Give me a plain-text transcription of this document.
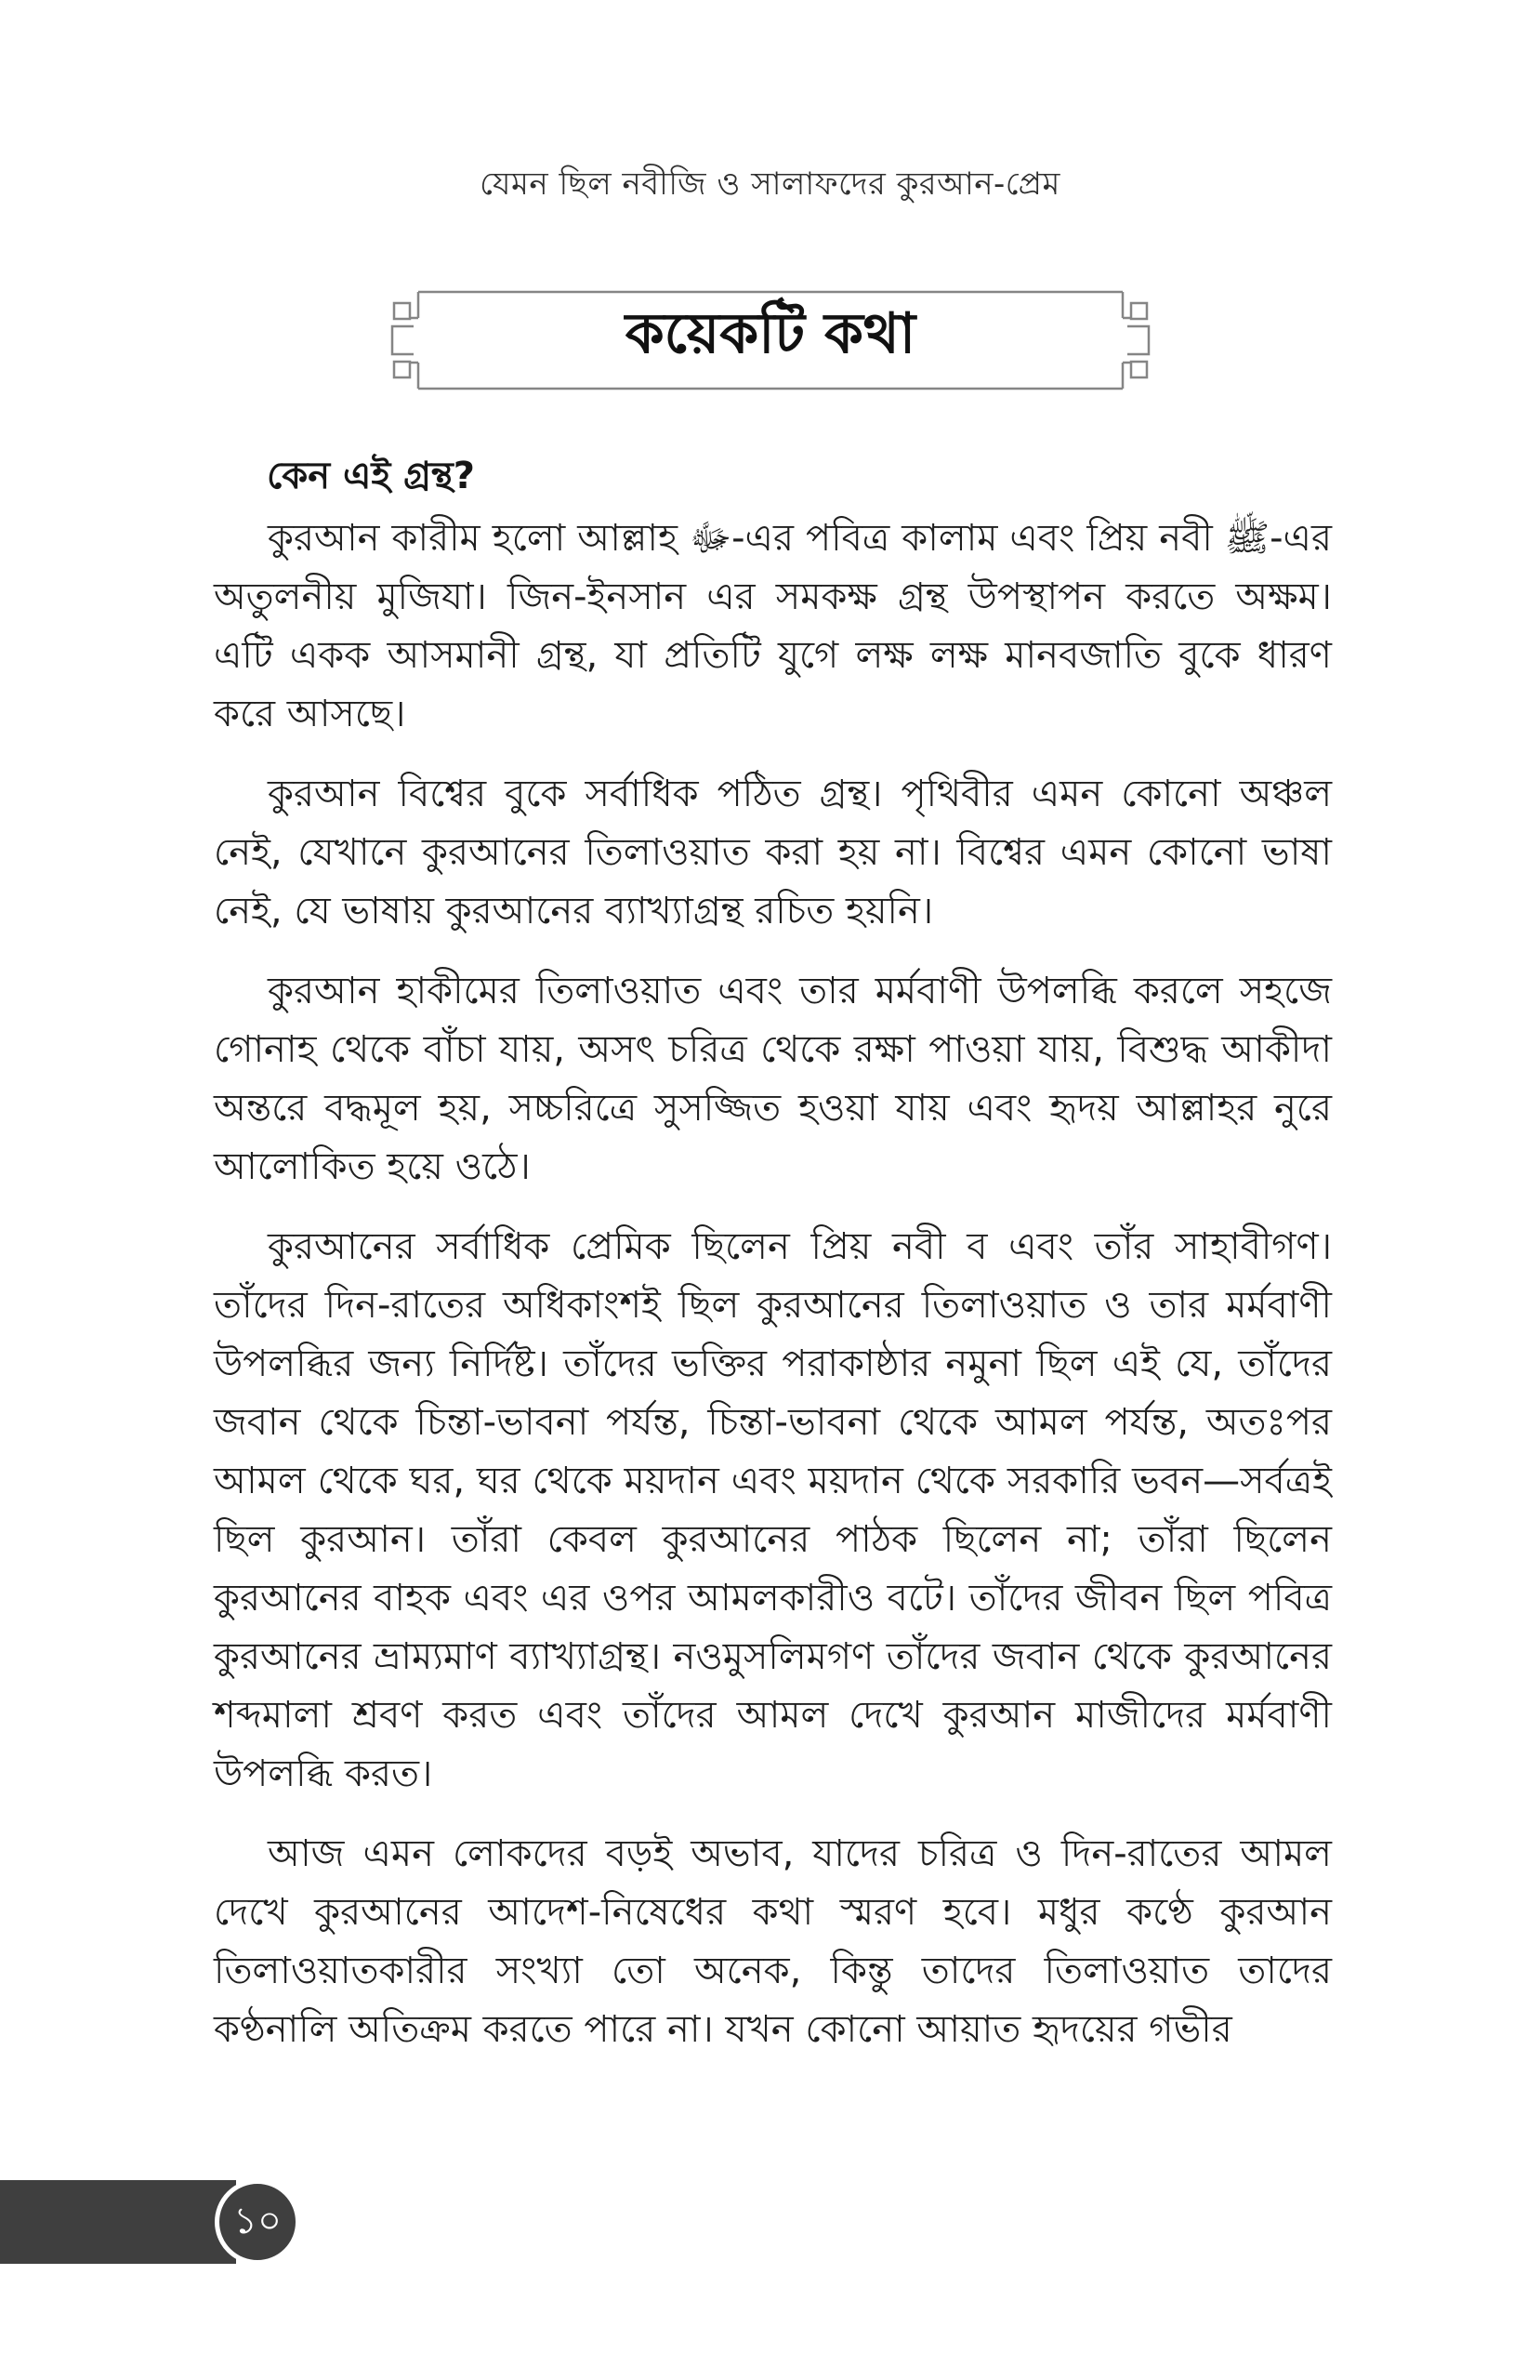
যেমন ছিল নবীজি ও সালাফদের কুরআন-প্রেম
কয়েকটি কথা
কেন এই গ্রন্থ?

কুরআন কারীম হলো আল্লাহ ﷻ-এর পবিত্র কালাম এবং প্রিয় নবী ﷺ-এর অতুলনীয় মুজিযা। জিন-ইনসান এর সমকক্ষ গ্রন্থ উপস্থাপন করতে অক্ষম। এটি একক আসমানী গ্রন্থ, যা প্রতিটি যুগে লক্ষ লক্ষ মানবজাতি বুকে ধারণ করে আসছে।

কুরআন বিশ্বের বুকে সর্বাধিক পঠিত গ্রন্থ। পৃথিবীর এমন কোনো অঞ্চল নেই, যেখানে কুরআনের তিলাওয়াত করা হয় না। বিশ্বের এমন কোনো ভাষা নেই, যে ভাষায় কুরআনের ব্যাখ্যাগ্রন্থ রচিত হয়নি।

কুরআন হাকীমের তিলাওয়াত এবং তার মর্মবাণী উপলব্ধি করলে সহজে গোনাহ থেকে বাঁচা যায়, অসৎ চরিত্র থেকে রক্ষা পাওয়া যায়, বিশুদ্ধ আকীদা অন্তরে বদ্ধমূল হয়, সচ্চরিত্রে সুসজ্জিত হওয়া যায় এবং হৃদয় আল্লাহর নুরে আলোকিত হয়ে ওঠে।

কুরআনের সর্বাধিক প্রেমিক ছিলেন প্রিয় নবী ব এবং তাঁর সাহাবীগণ। তাঁদের দিন-রাতের অধিকাংশই ছিল কুরআনের তিলাওয়াত ও তার মর্মবাণী উপলব্ধির জন্য নির্দিষ্ট। তাঁদের ভক্তির পরাকাষ্ঠার নমুনা ছিল এই যে, তাঁদের জবান থেকে চিন্তা-ভাবনা পর্যন্ত, চিন্তা-ভাবনা থেকে আমল পর্যন্ত, অতঃপর আমল থেকে ঘর, ঘর থেকে ময়দান এবং ময়দান থেকে সরকারি ভবন—সর্বত্রই ছিল কুরআন। তাঁরা কেবল কুরআনের পাঠক ছিলেন না; তাঁরা ছিলেন কুরআনের বাহক এবং এর ওপর আমলকারীও বটে। তাঁদের জীবন ছিল পবিত্র কুরআনের ভ্রাম্যমাণ ব্যাখ্যাগ্রন্থ। নওমুসলিমগণ তাঁদের জবান থেকে কুরআনের শব্দমালা শ্রবণ করত এবং তাঁদের আমল দেখে কুরআন মাজীদের মর্মবাণী উপলব্ধি করত।

আজ এমন লোকদের বড়ই অভাব, যাদের চরিত্র ও দিন-রাতের আমল দেখে কুরআনের আদেশ-নিষেধের কথা স্মরণ হবে। মধুর কণ্ঠে কুরআন তিলাওয়াতকারীর সংখ্যা তো অনেক, কিন্তু তাদের তিলাওয়াত তাদের কণ্ঠনালি অতিক্রম করতে পারে না। যখন কোনো আয়াত হৃদয়ের গভীর

১০
